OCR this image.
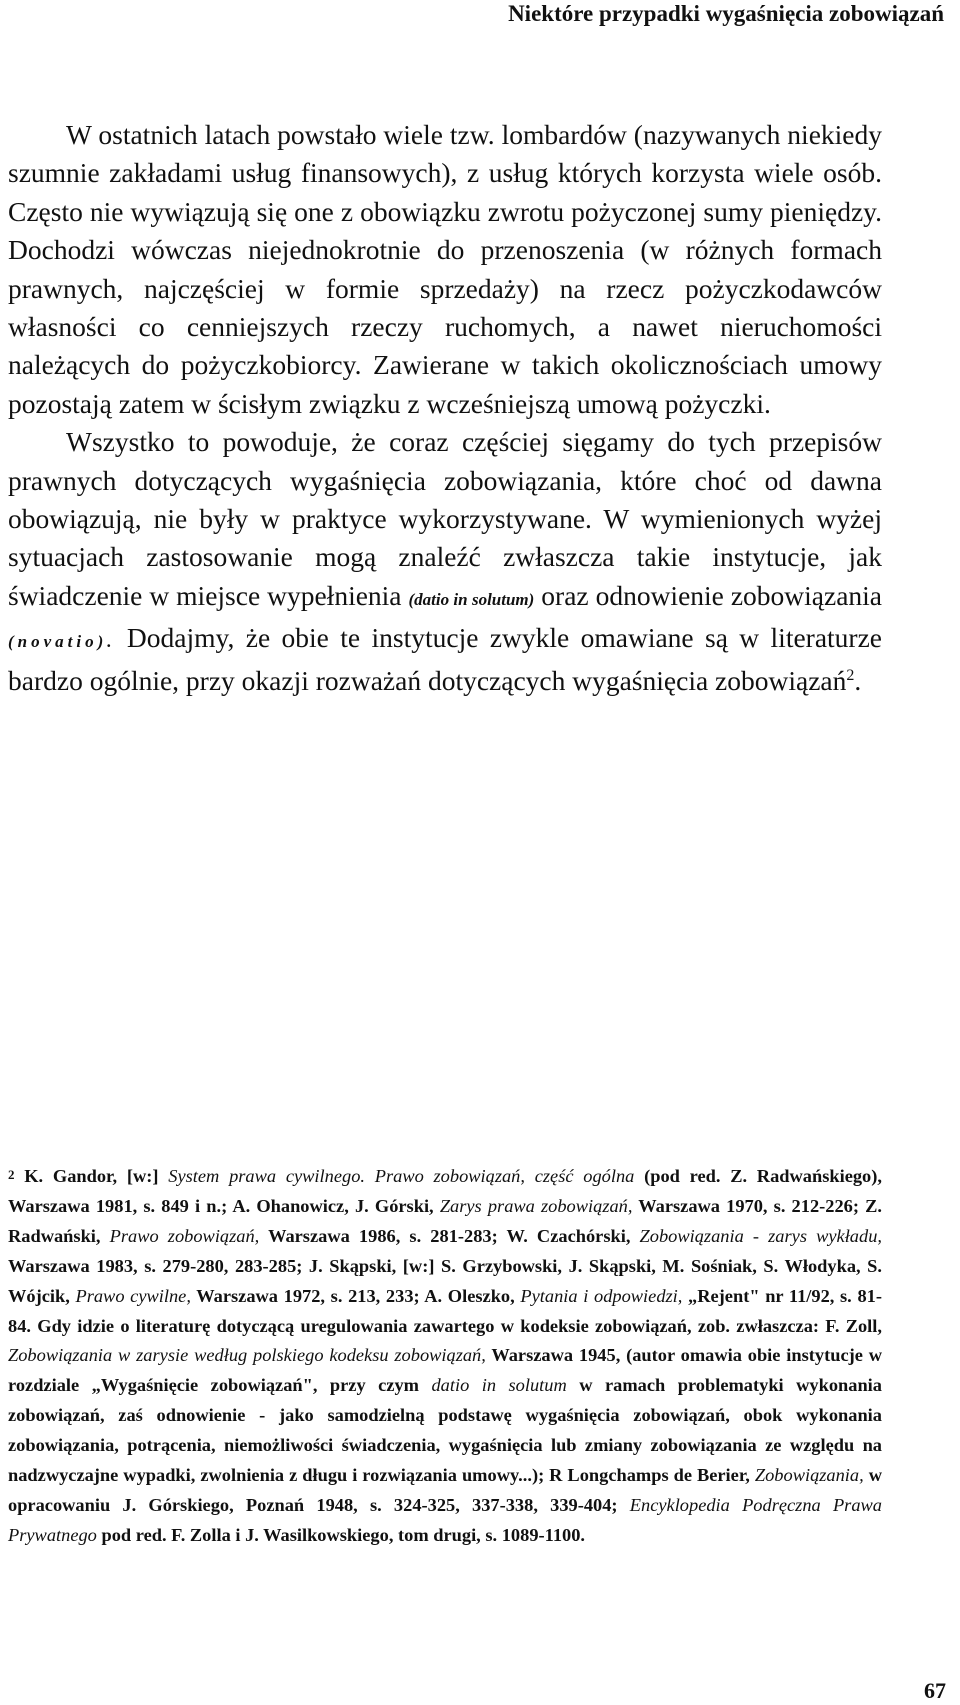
Niektóre przypadki wygaśnięcia zobowiązań

W ostatnich latach powstało wiele tzw. lombardów (nazywanych niekiedy szumnie zakładami usług finansowych), z usług których korzysta wiele osób. Często nie wywiązują się one z obowiązku zwrotu pożyczonej sumy pieniędzy. Dochodzi wówczas niejednokrotnie do przenoszenia (w różnych formach prawnych, najczęściej w formie sprzedaży) na rzecz pożyczkodawców własności co cenniejszych rzeczy ruchomych, a nawet nieruchomości należących do pożyczkobiorcy. Zawierane w takich okolicznościach umowy pozostają zatem w ścisłym związku z wcześniejszą umową pożyczki.

Wszystko to powoduje, że coraz częściej sięgamy do tych przepisów prawnych dotyczących wygaśnięcia zobowiązania, które choć od dawna obowiązują, nie były w praktyce wykorzystywane. W wymienionych wyżej sytuacjach zastosowanie mogą znaleźć zwłaszcza takie instytucje, jak świadczenie w miejsce wypełnienia (datio in solutum) oraz odnowienie zobowiązania (novatio). Dodajmy, że obie te instytucje zwykle omawiane są w literaturze bardzo ogólnie, przy okazji rozważań dotyczących wygaśnięcia zobowiązań$^2$.

$^2$ K. Gandor, [w:] System prawa cywilnego. Prawo zobowiązań, część ogólna (pod red. Z. Radwańskiego), Warszawa 1981, s. 849 i n.; A. Ohanowicz, J. Górski, Zarys prawa zobowiązań, Warszawa 1970, s. 212-226; Z. Radwański, Prawo zobowiązań, Warszawa 1986, s. 281-283; W. Czachórski, Zobowiązania - zarys wykładu, Warszawa 1983, s. 279-280, 283-285; J. Skąpski, [w:] S. Grzybowski, J. Skąpski, M. Sośniak, S. Włodyka, S. Wójcik, Prawo cywilne, Warszawa 1972, s. 213, 233; A. Oleszko, Pytania i odpowiedzi, „Rejent" nr 11/92, s. 81-84. Gdy idzie o literaturę dotyczącą uregulowania zawartego w kodeksie zobowiązań, zob. zwłaszcza: F. Zoll, Zobowiązania w zarysie według polskiego kodeksu zobowiązań, Warszawa 1945, (autor omawia obie instytucje w rozdziale „Wygaśnięcie zobowiązań", przy czym datio in solutum w ramach problematyki wykonania zobowiązań, zaś odnowienie - jako samodzielną podstawę wygaśnięcia zobowiązań, obok wykonania zobowiązania, potrącenia, niemożliwości świadczenia, wygaśnięcia lub zmiany zobowiązania ze względu na nadzwyczajne wypadki, zwolnienia z długu i rozwiązania umowy...); R Longchamps de Berier, Zobowiązania, w opracowaniu J. Górskiego, Poznań 1948, s. 324-325, 337-338, 339-404; Encyklopedia Podręczna Prawa Prywatnego pod red. F. Zolla i J. Wasilkowskiego, tom drugi, s. 1089-1100.

67
